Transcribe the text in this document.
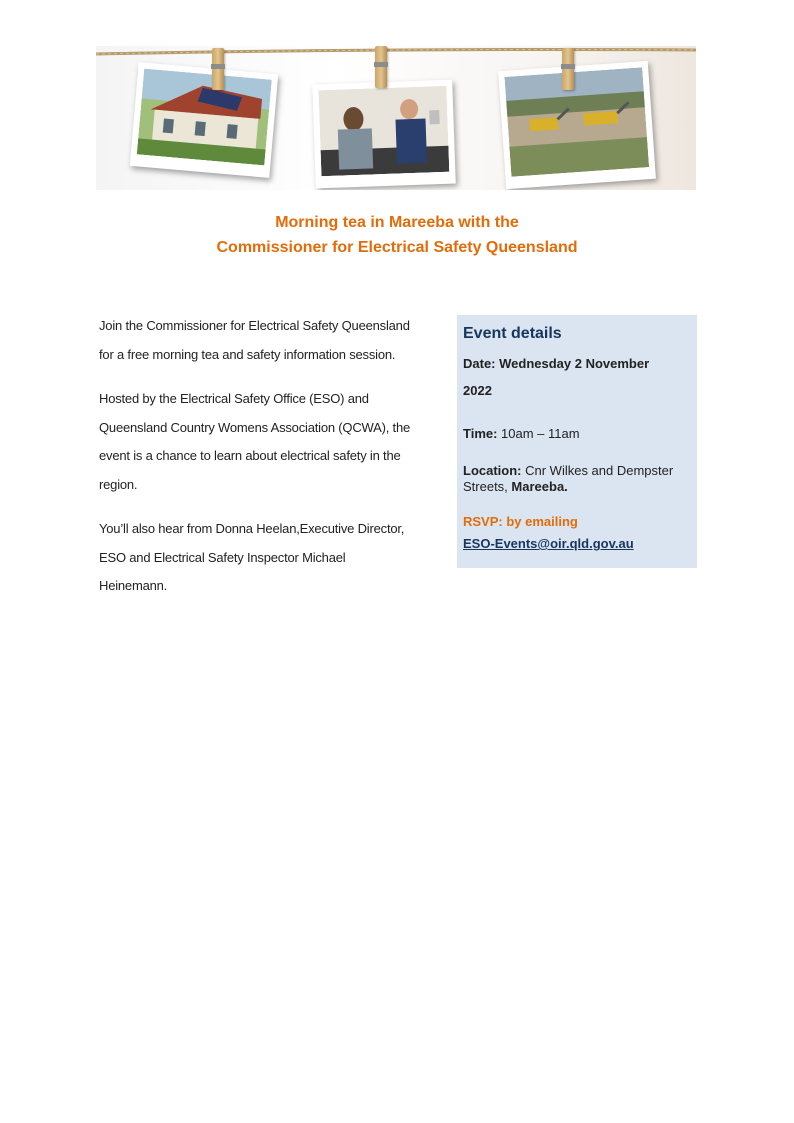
Morning tea in Mareeba with the
Commissioner for Electrical Safety Queensland

Join the Commissioner for Electrical Safety Queensland

for a free morning tea and safety information session.

Hosted by the Electrical Safety Office (ESO) and

Queensland Country Womens Association (QCWA), the

event is a chance to learn about electrical safety in the

region.

You’ll also hear from Donna Heelan,Executive Director,

ESO and Electrical Safety Inspector Michael

Heinemann.

Event details

Date: Wednesday 2 November

2022

Time: 10am – 11am

Location: Cnr Wilkes and Dempster

Streets, Mareeba.

RSVP: by emailing

ESO-Events@oir.qld.gov.au
